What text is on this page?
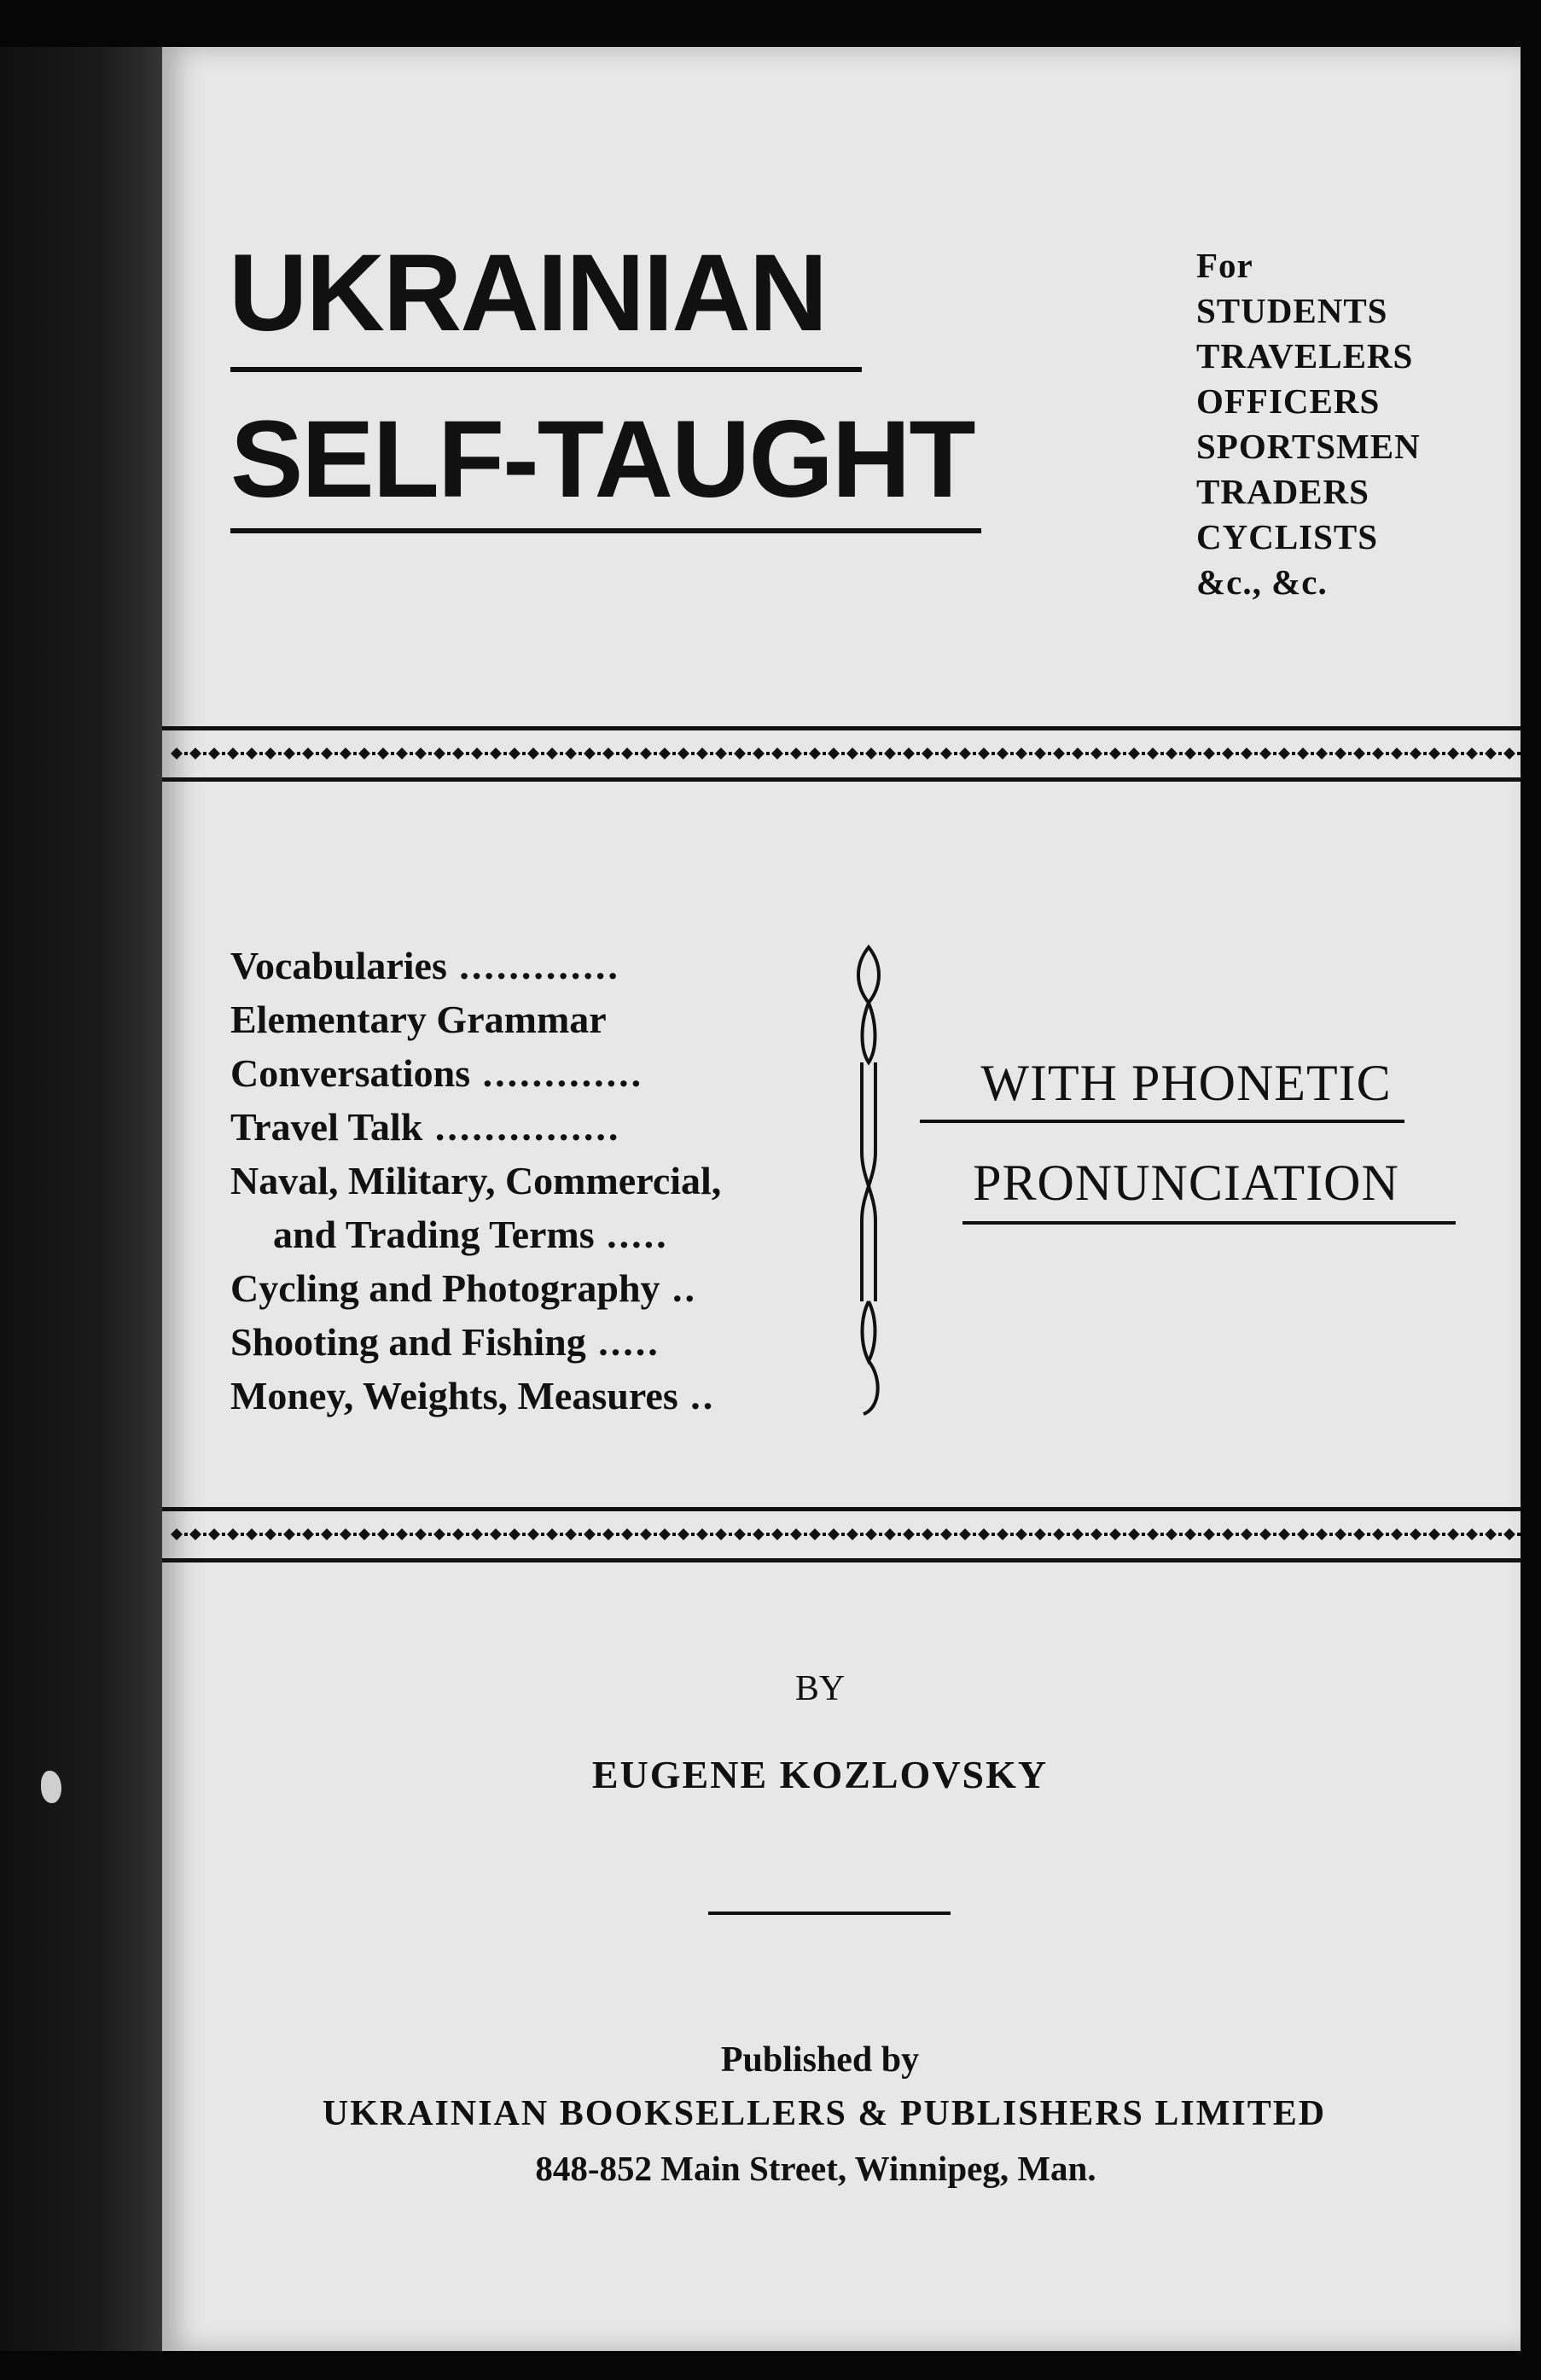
UKRAINIAN
SELF-TAUGHT
For
STUDENTS
TRAVELERS
OFFICERS
SPORTSMEN
TRADERS
CYCLISTS
&c., &c.
Vocabularies .............
Elementary Grammar
Conversations .............
Travel Talk ...............
Naval, Military, Commercial,
and Trading Terms .....
Cycling and Photography ..
Shooting and Fishing .....
Money, Weights, Measures ..
WITH PHONETIC
PRONUNCIATION
BY
EUGENE KOZLOVSKY
Published by
UKRAINIAN BOOKSELLERS & PUBLISHERS LIMITED
848-852 Main Street, Winnipeg, Man.
